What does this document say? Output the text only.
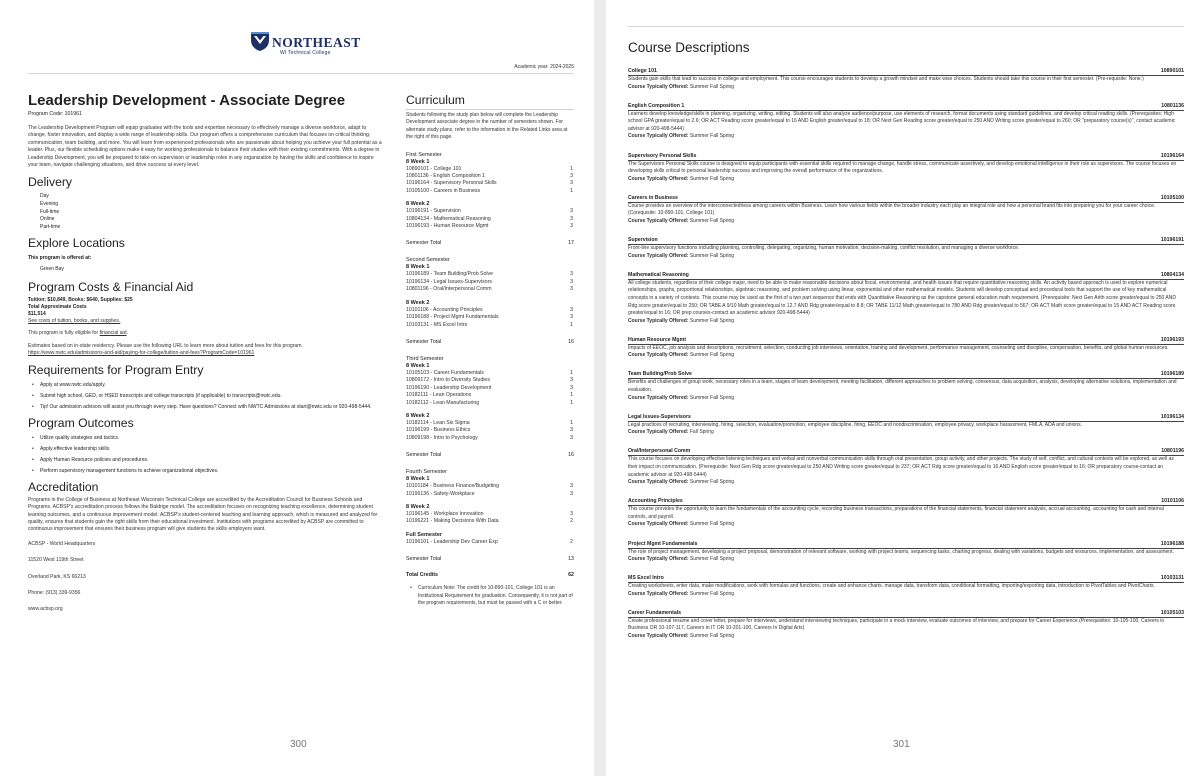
NORTHEAST
WI Technical College
Academic year: 2024-2025
Leadership Development - Associate Degree
Program Code: 101961

The Leadership Development Program will equip graduates with the tools and expertise necessary to effectively manage a diverse workforce, adapt to change, foster innovation, and display a wide range of leadership skills. Our program offers a comprehensive curriculum that focuses on critical thinking, communication, team building, and more. You will learn from experienced professionals who are passionate about helping you achieve your full potential as a leader. Plus, our flexible scheduling options make it easy for working professionals to balance their studies with their existing commitments. With a degree in Leadership Development, you will be prepared to take on supervision or leadership roles in any organization by having the skills and confidence to inspire your team, navigate challenging situations, and drive success at every level.

Delivery
Day
Evening
Full-time
Online
Part-time
Explore Locations
This program is offered at:
Green Bay
Program Costs & Financial Aid
Tuition: $10,849, Books: $640, Supplies: $25
Total Approximate Costs
$11,514

See costs of tuition, books, and supplies.

This program is fully eligible for financial aid.

Estimates based on in-state residency. Please use the following URL to learn more about tuition and fees for this program.

https://www.nwtc.edu/admissions-and-aid/paying-for-college/tuition-and-fees?ProgramCode=101961

Requirements for Program Entry
• Apply at www.nwtc.edu/apply.
• Submit high school, GED, or HSED transcripts and college transcripts (if applicable) to transcripts@nwtc.edu.
• Tip! Our admission advisors will assist you through every step. Have questions? Connect with NWTC Admissions at start@nwtc.edu or 920-498-5444.
Program Outcomes
• Utilize quality strategies and tactics.
• Apply effective leadership skills.
• Apply Human Resource policies and procedures.
• Perform supervisory management functions to achieve organizational objectives.
Accreditation

Programs in the College of Business at Northeast Wisconsin Technical College are accredited by the Accreditation Council for Business Schools and Programs. ACBSP's accreditation process follows the Baldrige model. The accreditation focuses on recognizing teaching excellence, determining student learning outcomes, and a continuous improvement model. ACBSP's student-centered teaching and learning approach, which is measured and analyzed for quality, ensures that students gain the right skills from their educational investment. Institutions with programs accredited by ACBSP are committed to continuous improvement that ensures their business program will give students the skills employers want.

ACBSP - World Headquarters

11520 West 119th Street

Overland Park, KS 66213

Phone: (913) 339-9356

www.acbsp.org

Curriculum
Students following the study plan below will complete the Leadership Development associate degree in the number of semesters shown. For alternate study plans, refer to the information in the Related Links area at the right of this page.
First Semester
8 Week 1
10890101 - College 101	1
10801136 - English Composition 1	3
10196164 - Supervisory Personal Skills	3
10105100 - Careers in Business	1
8 Week 2
10196191 - Supervision	3
10804134 - Mathematical Reasoning	3
10196193 - Human Resource Mgmt	3
Semester Total	17
Second Semester
8 Week 1
10196189 - Team Building/Prob Solve	3
10196134 - Legal Issues-Supervisors	3
10801196 - Oral/Interpersonal Comm	3
8 Week 2
10101106 - Accounting Principles	3
10196188 - Project Mgmt Fundamentals	3
10103131 - MS Excel Intro	1
Semester Total	16
Third Semester
8 Week 1
10105103 - Career Fundamentals	1
10809172 - Intro to Diversity Studies	3
10196190 - Leadership Development	3
10182111 - Lean Operations	1
10182112 - Lean Manufacturing	1
8 Week 2
10182114 - Lean Six Sigma	1
10196199 - Business Ethics	3
10809198 - Intro to Psychology	3
Semester Total	16
Fourth Semester
8 Week 1
10101184 - Business Finance/Budgeting	3
10196136 - Safety-Workplace	3
8 Week 2
10196145 - Workplace Innovation	3
10196221 - Making Decisions With Data	2
Full Semester
10196101 - Leadership Dev Career Exp	2
Semester Total	13
Total Credits	62
• Curriculum Note: The credit for 10-890-101, College 101 is an Institutional Requirement for graduation. Consequently, it is not part of the program requirements, but must be passed with a C or better.
300
Course Descriptions
College 101	10890101
Students gain skills that lead to success in college and employment. This course encourages students to develop a growth mindset and make wise choices. Students should take this course in their first semester. (Pre-requisite: None.)
Course Typically Offered: Summer Fall Spring
English Composition 1	10801136
Learners develop knowledge/skills in planning, organizing, writing, editing. Students will also analyze audience/purpose, use elements of research, format documents using standard guidelines, and develop critical reading skills. (Prerequisites: High school GPA greater/equal to 2.6; OR ACT Reading score greater/equal to 16 AND English greater/equal to 18; OR Next Gen Reading score greater/equal to 250 AND Writing score greater/equal to 260; OR "preparatory course(s)", contact academic advisor at 920-498-5444)
Course Typically Offered: Summer Fall Spring
Supervisory Personal Skills	10196164
The Supervisors Personal Skills course is designed to equip participants with essential skills required to manage change, handle stress, communicate assertively, and develop emotional intelligence in their role as supervisors. The course focuses on developing skills critical to personal leadership success and improving the overall performance of the organizations.
Course Typically Offered: Summer Fall Spring
Careers in Business	10105100
Course provides an overview of the interconnectedness among careers within Business. Learn how various fields within the broader industry each play an integral role and how a personal brand fits into preparing you for your career choice. (Corequisite: 10-890-101, College 101)
Course Typically Offered: Summer Fall Spring
Supervision	10196191
Front-line supervisory functions including planning, controlling, delegating, organizing, human motivation, decision-making, conflict resolution, and managing a diverse workforce.
Course Typically Offered: Summer Fall Spring
Mathematical Reasoning	10804134
All college students, regardless of their college major, need to be able to make reasonable decisions about fiscal, environmental, and health issues that require quantitative reasoning skills. An activity based approach is used to explore numerical relationships, graphs, proportional relationships, algebraic reasoning, and problem solving using linear, exponential and other mathematical models. Students will develop conceptual and procedural tools that support the use of key mathematical concepts in a variety of contexts. This course may be used as the first of a two part sequence that ends with Quantitative Reasoning as the capstone general education math requirement. (Prerequisite: Next Gen Arith score greater/equal to 250 AND Rdg score greater/equal to 250; OR TABE A 9/10 Math greater/equal to 12.7 AND Rdg greater/equal to 8.8; OR TABE 11/12 Math greater/equal to 780 AND Rdg greater/equal to 567; OR ACT Math score greater/equal to 15 AND ACT Reading score greater/equal to 16; OR prep courses-contact an academic advisor 920-498-5444)
Course Typically Offered: Summer Fall Spring
Human Resource Mgmt	10196193
Impacts of EEOC, job analysis and descriptions, recruitment, selection, conducting job interviews, orientation, training and development, performance management, counseling and discipline, compensation, benefits, and global human resources.
Course Typically Offered: Summer Fall Spring
Team Building/Prob Solve	10196189
Benefits and challenges of group work, necessary roles in a team, stages of team development, meeting facilitation, different approaches to problem solving, consensus, data acquisition, analysis, developing alternative solutions, implementation and evaluation.
Course Typically Offered: Summer Fall Spring
Legal Issues-Supervisors	10196134
Legal practices of recruiting, interviewing, hiring, selection, evaluation/promotion, employee discipline, firing, EEOC and nondiscrimination, employee privacy, workplace harassment, FMLA, ADA and unions.
Course Typically Offered: Fall Spring
Oral/Interpersonal Comm	10801196
This course focuses on developing effective listening techniques and verbal and nonverbal communication skills through oral presentation, group activity, and other projects. The study of self, conflict, and cultural contexts will be explored, as well as their impact on communication. (Prerequisite: Next Gen Rdg score greater/equal to 250 AND Writing score greater/equal to 237; OR ACT Rdg score greater/equal to 16 AND English score greater/equal to 16; OR preparatory course-contact an academic advisor at 920-498-5444)
Course Typically Offered: Summer Fall Spring
Accounting Principles	10101106
This course provides the opportunity to learn the fundamentals of the accounting cycle, recording business transactions, preparations of the financial statements, financial statement analysis, accrual accounting, accounting for cash and internal controls, and payroll.
Course Typically Offered: Summer Fall Spring
Project Mgmt Fundamentals	10196188
The role of project management, developing a project proposal, demonstration of relevant software, working with project teams, sequencing tasks, charting progress, dealing with variations, budgets and resources, implementation, and assessment.
Course Typically Offered: Summer Fall Spring
MS Excel Intro	10103131
Creating worksheets, enter data, make modifications, work with formulas and functions, create and enhance charts, manage data, transform data, conditional formatting, importing/exporting data, introduction to PivotTables and PivotCharts.
Course Typically Offered: Summer Fall Spring
Career Fundamentals	10105103
Create professional resume and cover letter, prepare for interviews, understand interviewing techniques, participate in a mock interview, evaluate outcomes of interview, and prepare for Career Experience.(Prerequisites: 10-105-100, Careers in Business OR 10-107-117, Careers in IT OR 10-201-100, Careers In Digital Arts)
Course Typically Offered: Summer Fall Spring
301
